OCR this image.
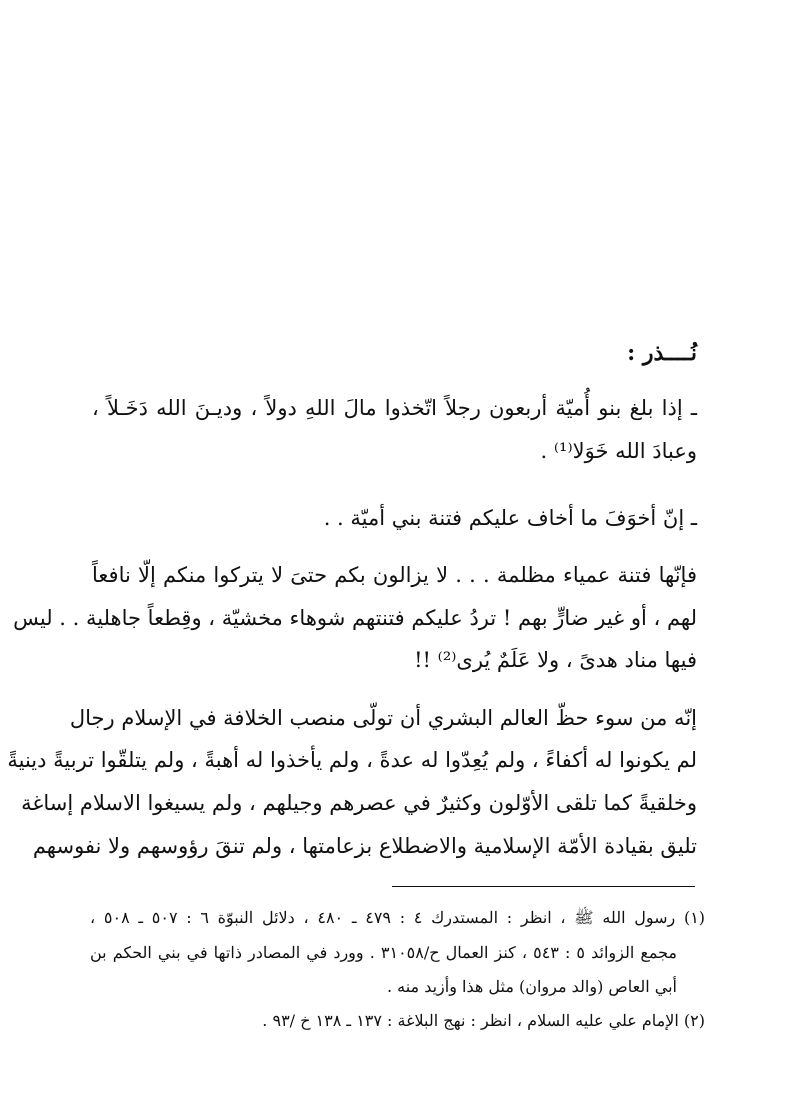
نُــــذر :
ـ إذا بلغ بنو أُميّة أربعون رجلاً اتّخذوا مالَ اللهِ دولاً ، وديـنَ الله دَخَـلاً ،
وعبادَ الله خَوَلا⁽¹⁾ .
ـ إنّ أخوَفَ ما أخاف عليكم فتنة بني أميّة . .
فإنّها فتنة عمياء مظلمة . . . لا يزالون بكم حتىَ لا يتركوا منكم إلّا نافعاً
لهم ، أو غير ضارٍّ بهم ! تردُ عليكم فتنتهم شوهاء مخشيّة ، وقِطعاً جاهلية . . ليس
فيها مناد هدىً ، ولا عَلَمٌ يُرى⁽²⁾ !!
إنّه من سوء حظّ العالم البشري أن تولّى منصب الخلافة في الإسلام رجال
لم يكونوا له أكفاءً ، ولم يُعِدّوا له عدةً ، ولم يأخذوا له أهبةً ، ولم يتلقّوا تربيةً دينيةً
وخلقيةً كما تلقى الأوّلون وكثيرٌ في عصرهم وجيلهم ، ولم يسيغوا الاسلام إساغة
تليق بقيادة الأمّة الإسلامية والاضطلاع بزعامتها ، ولم تنقَ رؤوسهم ولا نفوسهم
(١) رسول الله ﷺ ، انظر : المستدرك ٤ : ٤٧٩ ـ ٤٨٠ ، دلائل النبوّة ٦ : ٥٠٧ ـ ٥٠٨ ،
مجمع الزوائد ٥ : ٥٤٣ ، كنز العمال ح/٣١٠٥٨ . وورد في المصادر ذاتها في بني الحكم بن
أبي العاص (والد مروان) مثل هذا وأزيد منه .
(٢) الإمام علي عليه السلام ، انظر : نهج البلاغة : ١٣٧ ـ ١٣٨ خ /٩٣ .
